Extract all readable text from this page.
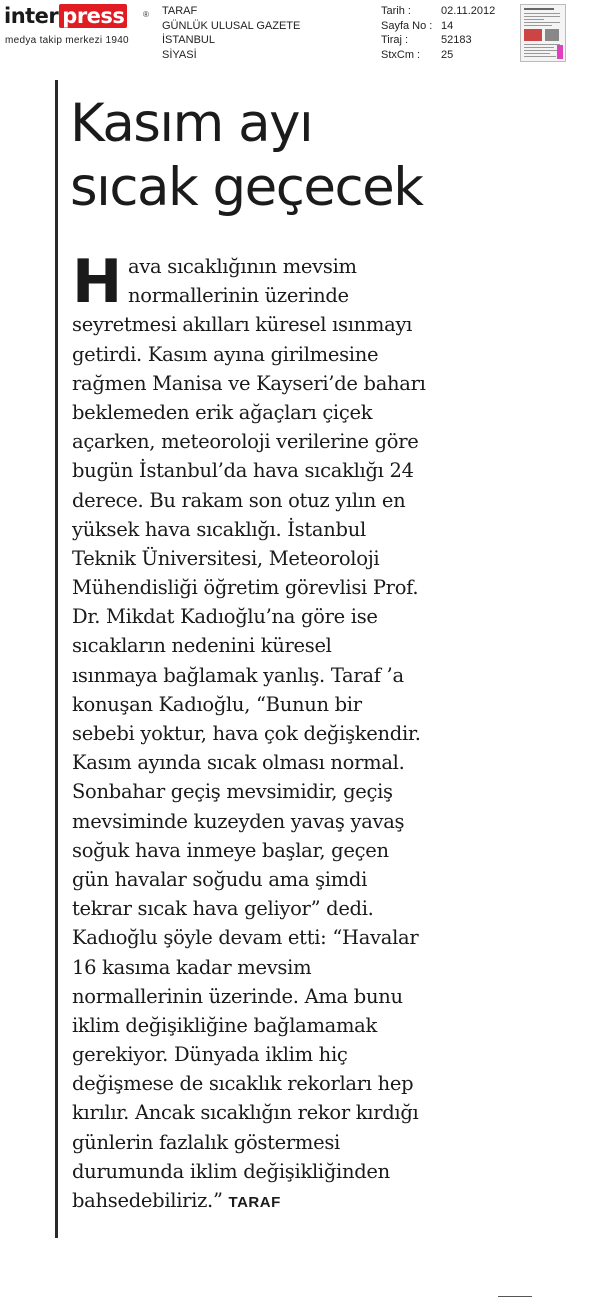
inter press	®
medya takip merkezi 1940
TARAF
GÜNLÜK ULUSAL GAZETE
İSTANBUL
SİYASİ
Tarih :	02.11.2012
Sayfa No : 14
Tiraj :	52183
StxCm : 25
Kasım ayı
sıcak geçecek
H ava sıcaklığının mevsim
normallerinin üzerinde
seyretmesi akılları küresel ısınmayı
getirdi. Kasım ayına girilmesine
rağmen Manisa ve Kayseri’de baharı
beklemeden erik ağaçları çiçek
açarken, meteoroloji verilerine göre
bugün İstanbul’da hava sıcaklığı 24
derece. Bu rakam son otuz yılın en
yüksek hava sıcaklığı. İstanbul
Teknik Üniversitesi, Meteoroloji
Mühendisliği öğretim görevlisi Prof.
Dr. Mikdat Kadıoğlu’na göre ise
sıcakların nedenini küresel
ısınmaya bağlamak yanlış. Taraf ’a
konuşan Kadıoğlu, “Bunun bir
sebebi yoktur, hava çok değişkendir.
Kasım ayında sıcak olması normal.
Sonbahar geçiş mevsimidir, geçiş
mevsiminde kuzeyden yavaş yavaş
soğuk hava inmeye başlar, geçen
gün havalar soğudu ama şimdi
tekrar sıcak hava geliyor” dedi.
Kadıoğlu şöyle devam etti: “Havalar
16 kasıma kadar mevsim
normallerinin üzerinde. Ama bunu
iklim değişikliğine bağlamamak
gerekiyor. Dünyada iklim hiç
değişmese de sıcaklık rekorları hep
kırılır. Ancak sıcaklığın rekor kırdığı
günlerin fazlalık göstermesi
durumunda iklim değişikliğinden
bahsedebiliriz.” TARAF
